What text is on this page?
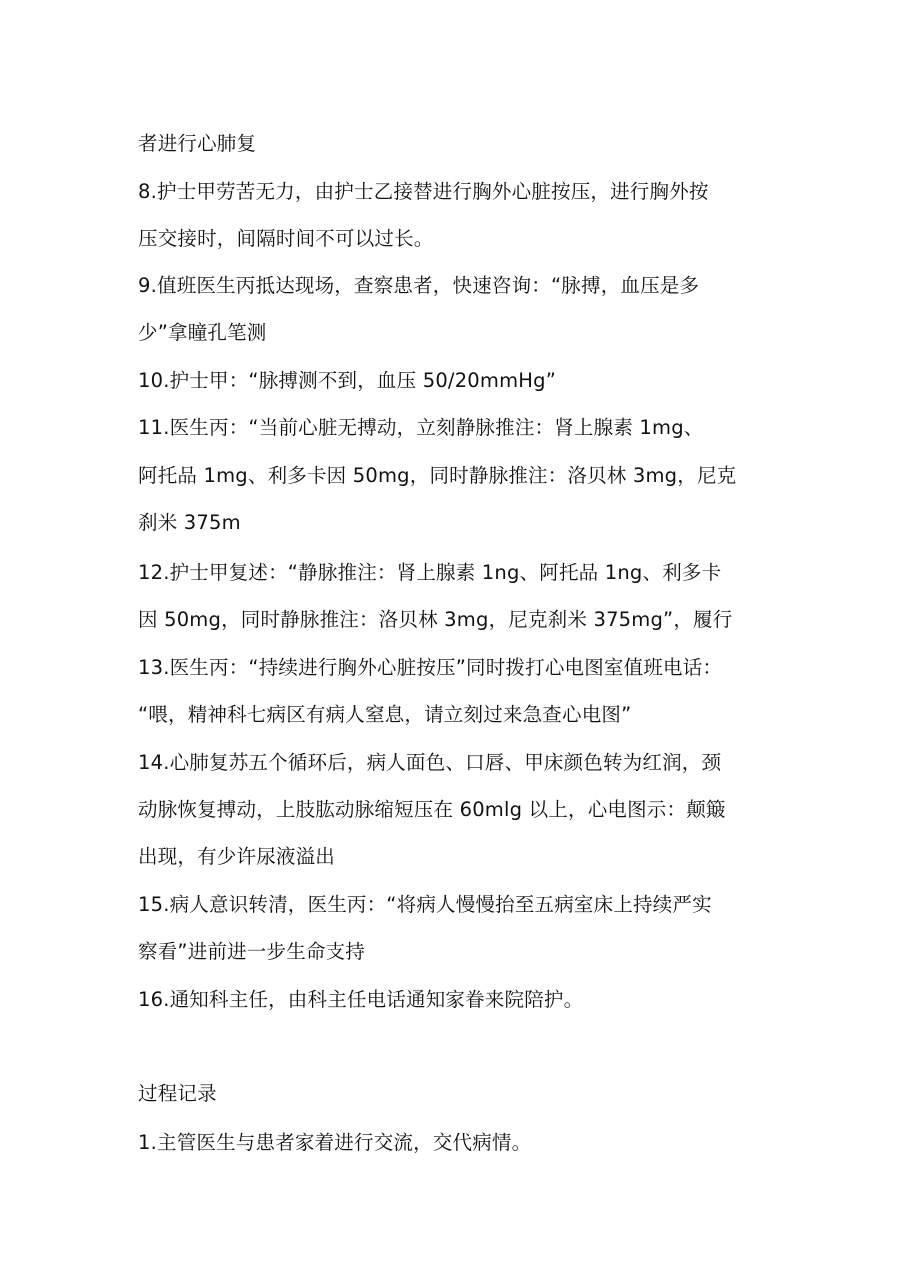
者进行心肺复
8.护士甲劳苦无力，由护士乙接替进行胸外心脏按压，进行胸外按
压交接时，间隔时间不可以过长。
9.值班医生丙抵达现场，查察患者，快速咨询：“脉搏，血压是多
少”拿瞳孔笔测
10.护士甲：“脉搏测不到，血压 50/20mmHg”
11.医生丙：“当前心脏无搏动，立刻静脉推注：肾上腺素 1mg、
阿托品 1mg、利多卡因 50mg，同时静脉推注：洛贝林 3mg，尼克
刹米 375m
12.护士甲复述：“静脉推注：肾上腺素 1ng、阿托品 1ng、利多卡
因 50mg，同时静脉推注：洛贝林 3mg，尼克刹米 375mg”，履行
13.医生丙：“持续进行胸外心脏按压”同时拨打心电图室值班电话：
“喂，精神科七病区有病人窒息，请立刻过来急查心电图”
14.心肺复苏五个循环后，病人面色、口唇、甲床颜色转为红润，颈
动脉恢复搏动，上肢肱动脉缩短压在 60mlg 以上，心电图示：颠簸
出现，有少许尿液溢出
15.病人意识转清，医生丙：“将病人慢慢抬至五病室床上持续严实
察看”进前进一步生命支持
16.通知科主任，由科主任电话通知家眷来院陪护。
过程记录
1.主管医生与患者家着进行交流，交代病情。
